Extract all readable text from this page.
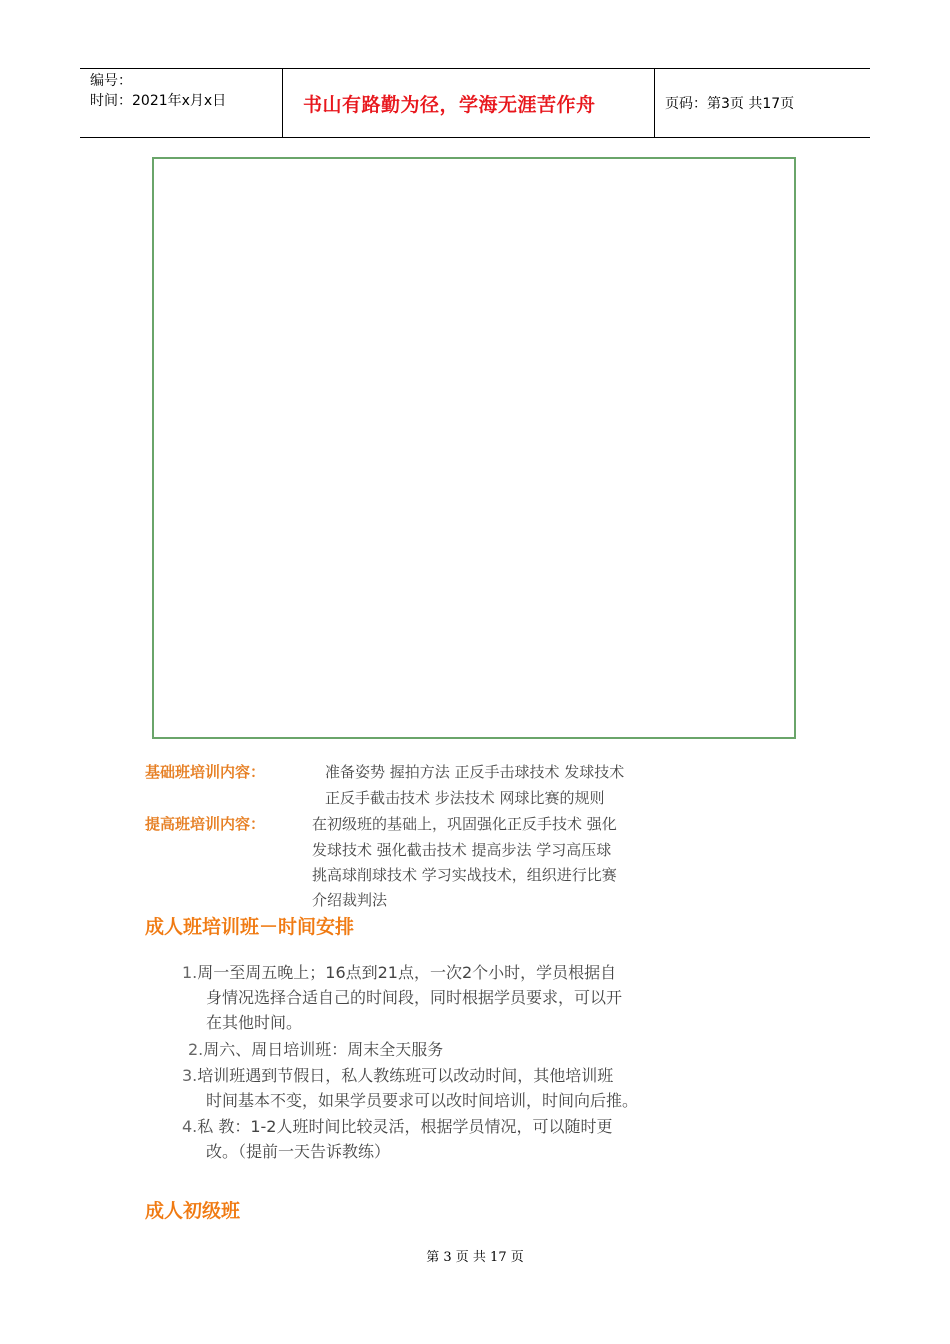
编号：
时间：2021年x月x日	书山有路勤为径，学海无涯苦作舟	页码：第3页 共17页
基础班培训内容：	准备姿势 握拍方法 正反手击球技术 发球技术
正反手截击技术 步法技术 网球比赛的规则
提高班培训内容：	在初级班的基础上，巩固强化正反手技术 强化
发球技术 强化截击技术 提高步法 学习高压球
挑高球削球技术 学习实战技术，组织进行比赛
介绍裁判法
成人班培训班－时间安排
1.周一至周五晚上；16点到21点，一次2个小时，学员根据自
身情况选择合适自己的时间段，同时根据学员要求，可以开
在其他时间。
2.周六、周日培训班：周末全天服务
3.培训班遇到节假日，私人教练班可以改动时间，其他培训班
时间基本不变，如果学员要求可以改时间培训，时间向后推。
4.私 教：1-2人班时间比较灵活，根据学员情况，可以随时更
改。（提前一天告诉教练）
成人初级班
第 3 页 共 17 页
